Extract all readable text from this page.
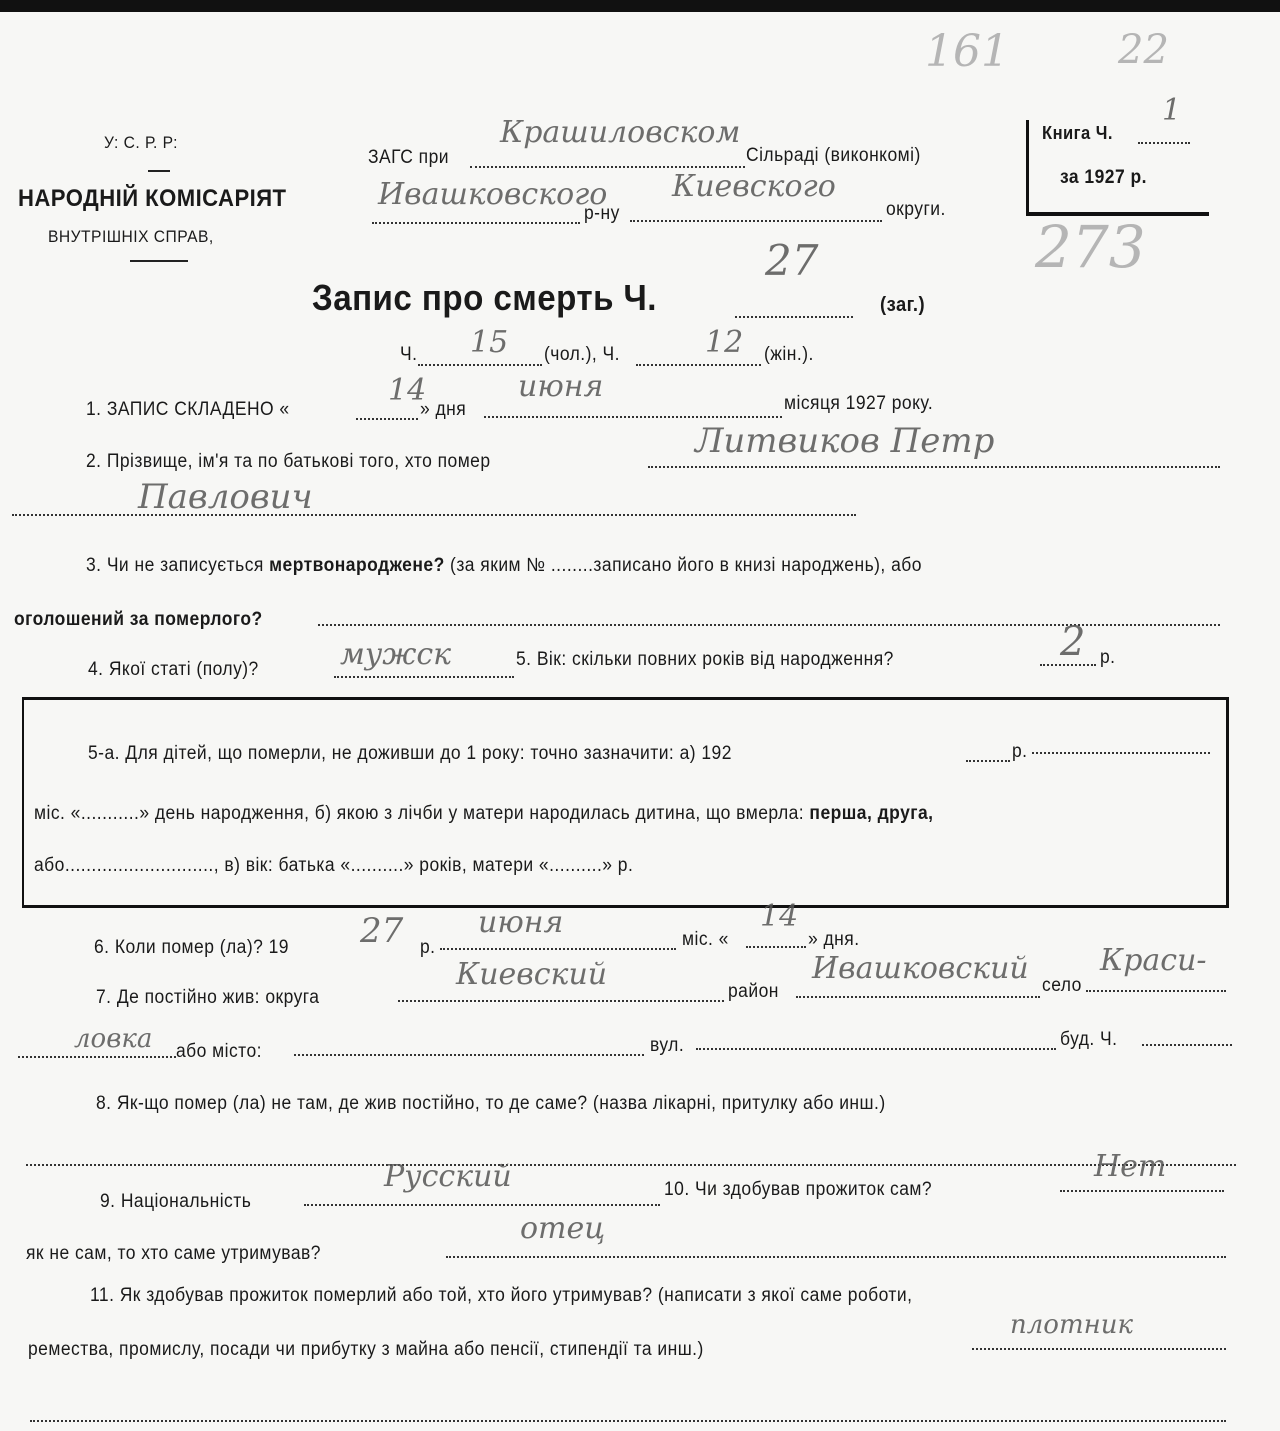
У: С. Р. Р:
НАРОДНІЙ КОМІСАРІЯТ
ВНУТРІШНІХ СПРАВ,
ЗАГС при
Крашиловском
Сільраді (виконкомі)
Ивашковского
р-ну
Киевского
округи.
Книга Ч.
1
за 1927 р.
161	22
273
Запис про смерть Ч.
27
(заг.)
Ч. 15 (чол.), Ч.	12 (жін.).
1. ЗАПИС СКЛАДЕНО «
14
» дня
июня	місяця 1927 року.
2. Прізвище, ім'я та по батькові того, хто помер
Литвиков Петр
Павлович
3. Чи не записується мертвонароджене? (за яким № ........записано його в книзі народжень), або
оголошений за померлого?
4. Якої статі (полу)?	мужск	5. Вік: скільки повних років від народження?	2 р.
5-а. Для дітей, що померли, не доживши до 1 року: точно зазначити: а) 192	р.
міс. «...........» день народження, б) якою з лічби у матери народилась дитина, що вмерла: перша, друга,
або............................, в) вік: батька «..........» років, матери «..........» р.
6. Коли помер (ла)? 19 27 р.
июня	міс. «
14
» дня.
7. Де постійно жив: округа
Киевский	район
Ивашковский село
Краси-
ловка або місто:	вул.	буд. Ч.
8. Як-що помер (ла) не там, де жив постійно, то де саме? (назва лікарні, притулку або инш.)
9. Національність
Русский	10. Чи здобував прожиток сам?
Нет
як не сам, то хто саме утримував?
отец
11. Як здобував прожиток померлий або той, хто його утримував? (написати з якої саме роботи,
ремества, промислу, посади чи прибутку з майна або пенсії, стипендії та инш.)
плотник
